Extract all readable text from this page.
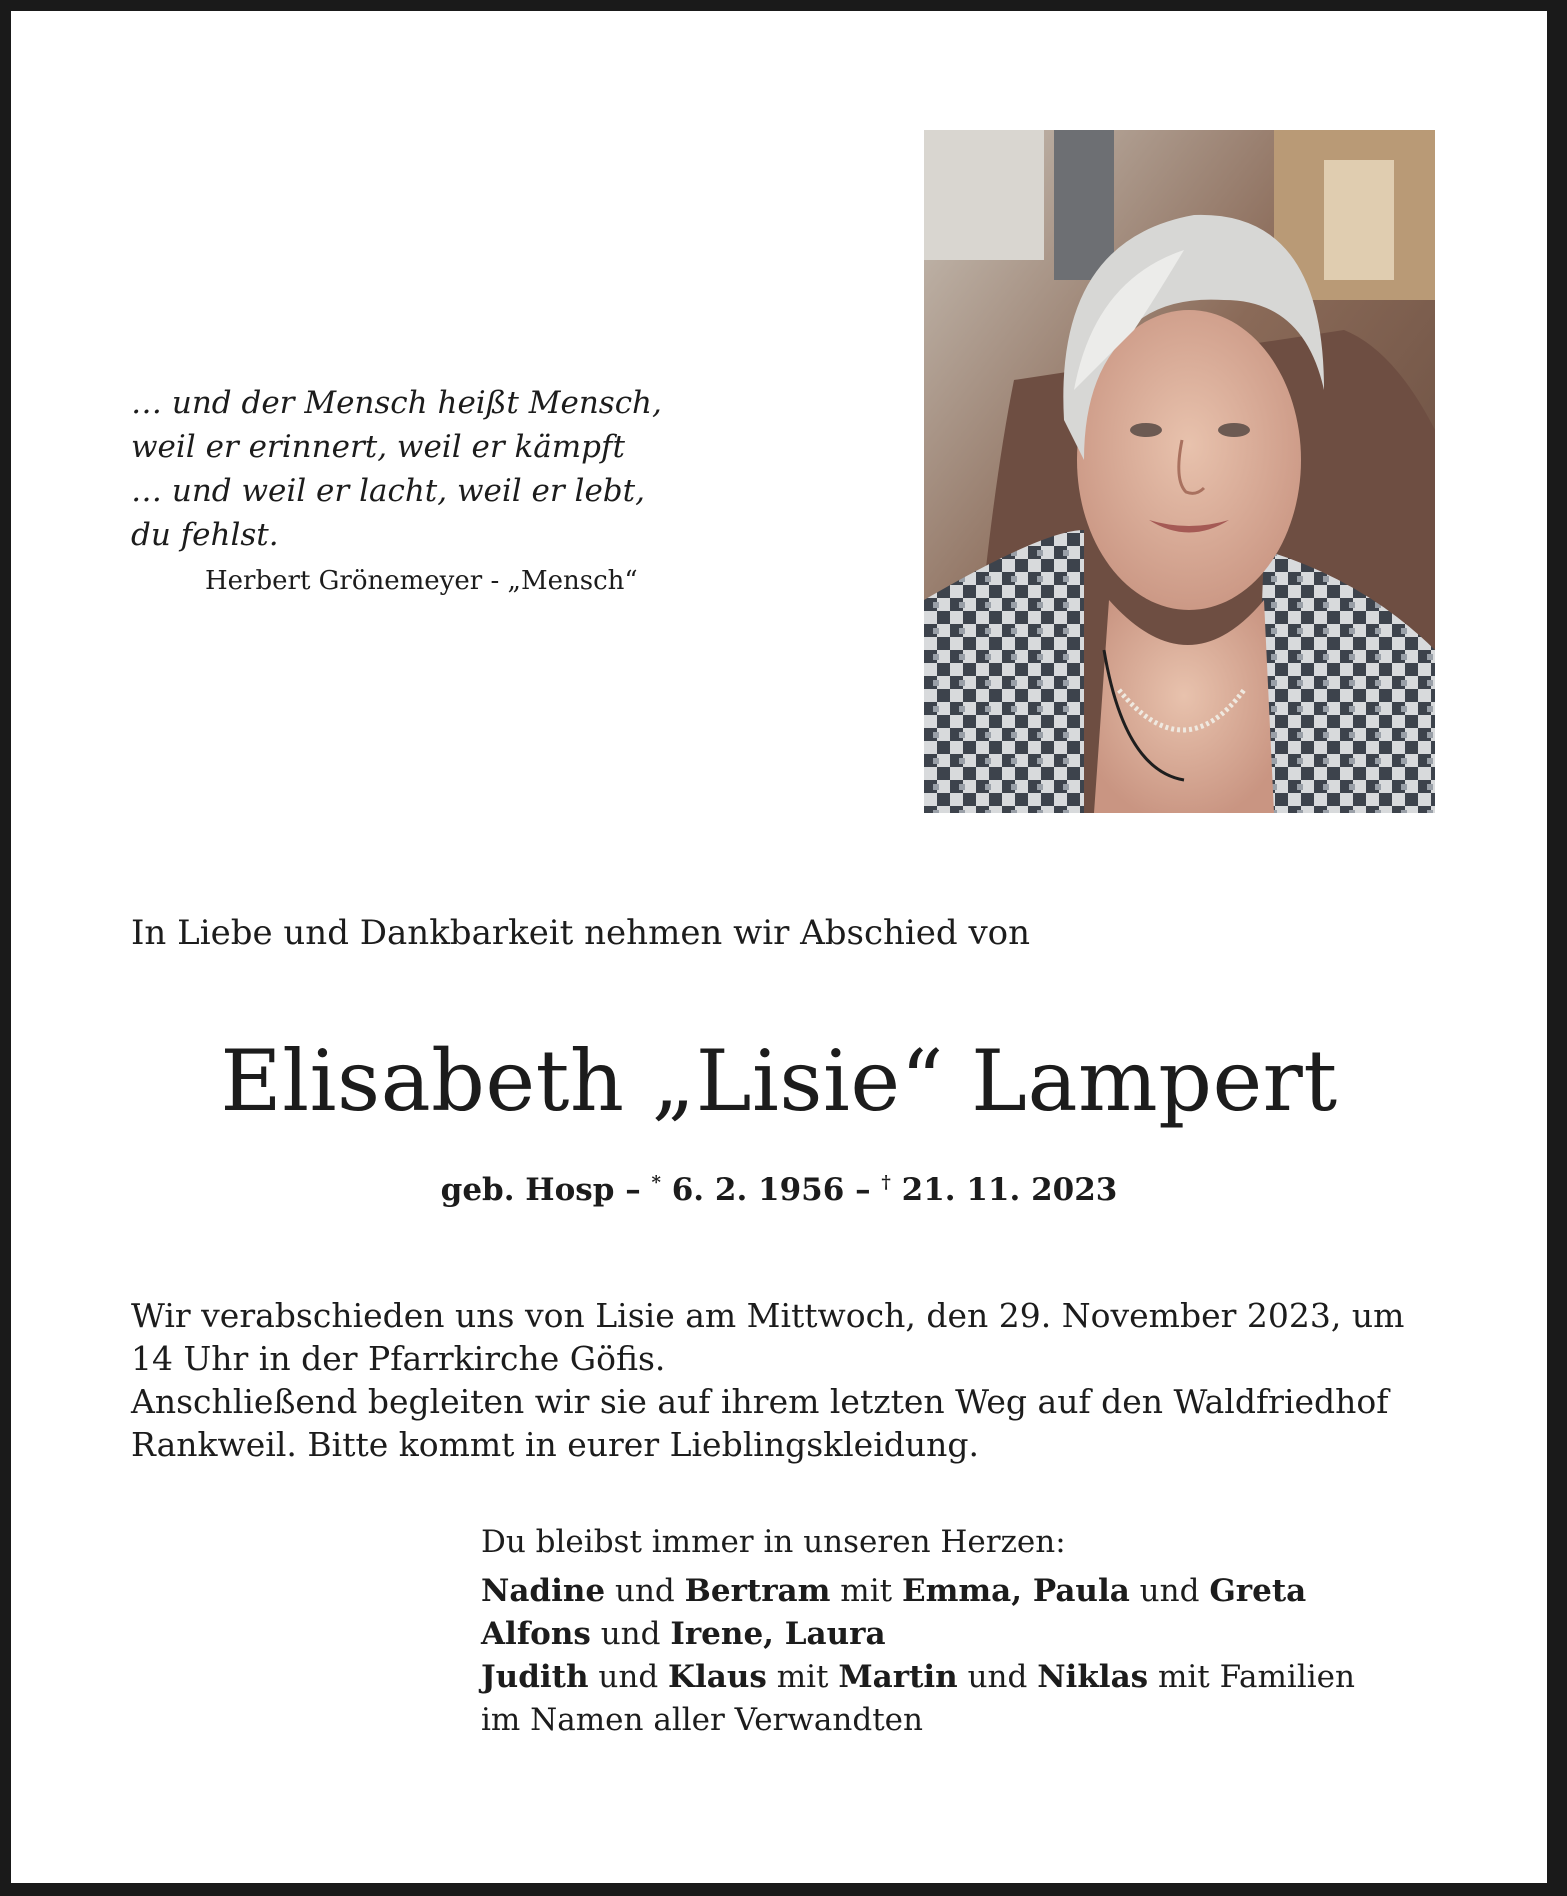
… und der Mensch heißt Mensch,
weil er erinnert, weil er kämpft
… und weil er lacht, weil er lebt,
du fehlst.
Herbert Grönemeyer - „Mensch“
In Liebe und Dankbarkeit nehmen wir Abschied von
Elisabeth „Lisie“ Lampert
geb. Hosp – * 6. 2. 1956 – † 21. 11. 2023
Wir verabschieden uns von Lisie am Mittwoch, den 29. November 2023, um
14 Uhr in der Pfarrkirche Göfis.
Anschließend begleiten wir sie auf ihrem letzten Weg auf den Waldfriedhof
Rankweil. Bitte kommt in eurer Lieblingskleidung.
Du bleibst immer in unseren Herzen:
Nadine und Bertram mit Emma, Paula und Greta
Alfons und Irene, Laura
Judith und Klaus mit Martin und Niklas mit Familien
im Namen aller Verwandten
